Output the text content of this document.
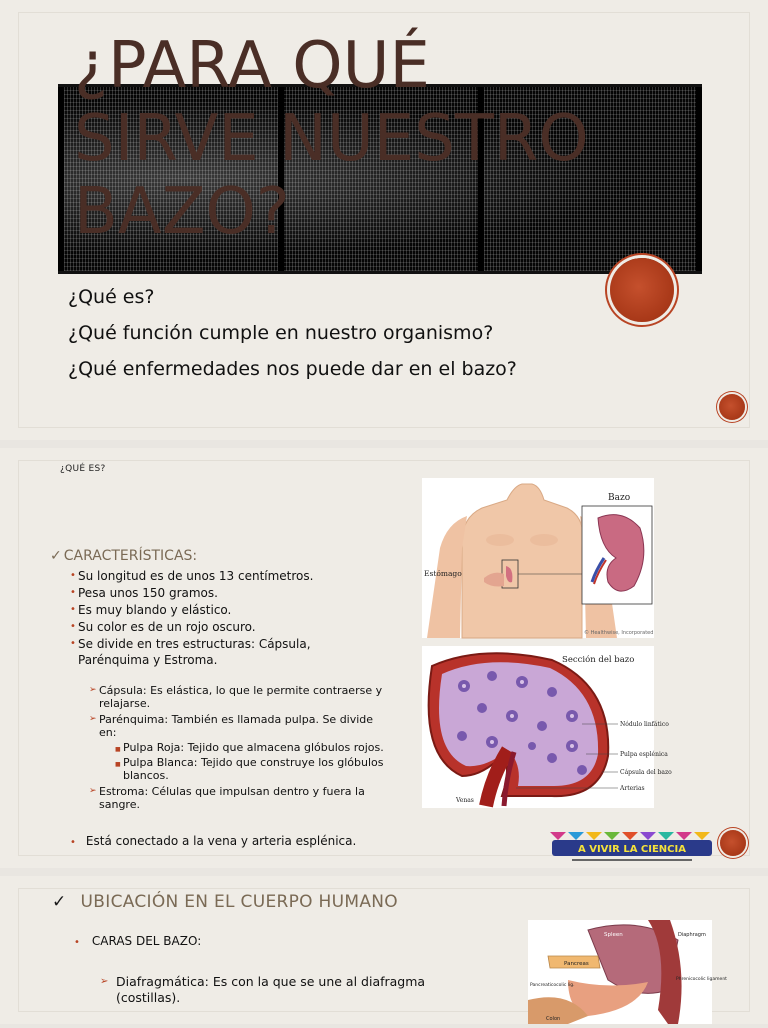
¿PARA QUÉ SIRVE NUESTRO BAZO?

¿Qué es?

¿Qué función cumple en nuestro organismo?

¿Qué enfermedades nos puede dar en el bazo?

¿QUÉ ES?
✓ CARACTERÍSTICAS:
• Su longitud es de unos 13 centímetros.
• Pesa unos 150 gramos.
• Es muy blando y elástico.
• Su color es de un rojo oscuro.
• Se divide en tres estructuras: Cápsula, Parénquima y Estroma.
➢ Cápsula: Es elástica, lo que le permite contraerse y relajarse.
➢ Parénquima: También es llamada pulpa. Se divide en:
■ Pulpa Roja: Tejido que almacena glóbulos rojos.
■ Pulpa Blanca: Tejido que construye los glóbulos blancos.
➢ Estroma: Células que impulsan dentro y fuera la sangre.
• Está conectado a la vena y arteria esplénica.
Bazo
Estómago
© Healthwise, Incorporated
Sección del bazo
Nódulo linfático
Pulpa esplénica
Cápsula del bazo
Arterias
Venas
A VIVIR LA CIENCIA
✓ UBICACIÓN EN EL CUERPO HUMANO
• CARAS DEL BAZO:
➢ Diafragmática: Es con la que se une al diafragma (costillas).
Spleen	Diaphragm
Pancreas
Phrenicocolic ligament
Pancreaticocolic lig.
Colon
